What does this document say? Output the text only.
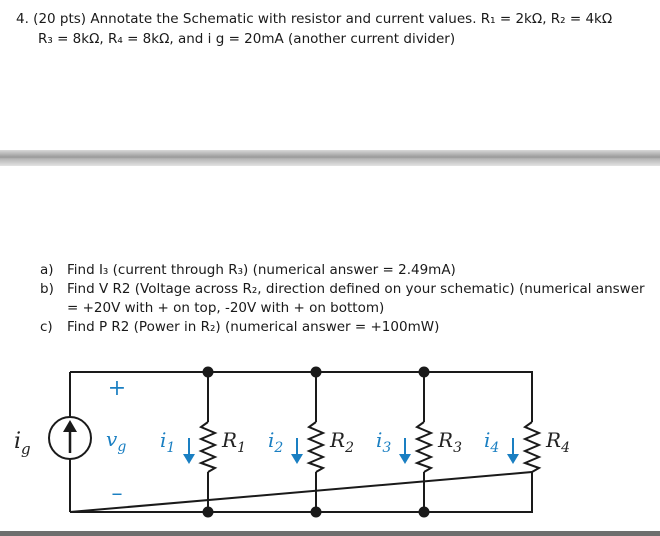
4. (20 pts) Annotate the Schematic with resistor and current values. R₁ = 2kΩ, R₂ = 4kΩ
R₃ = 8kΩ, R₄ = 8kΩ, and i g = 20mA (another current divider)
a) Find I₃ (current through R₃) (numerical answer = 2.49mA)
b) Find V R2 (Voltage across R₂, direction defined on your schematic) (numerical answer
= +20V with + on top, -20V with + on bottom)
c) Find P R2 (Power in R₂) (numerical answer = +100mW)
$i_g$
+
$v_g$
–
$i_1$ $R_1$ $i_2$ $R_2$ $i_3$ $R_3$ $i_4$ $R_4$
